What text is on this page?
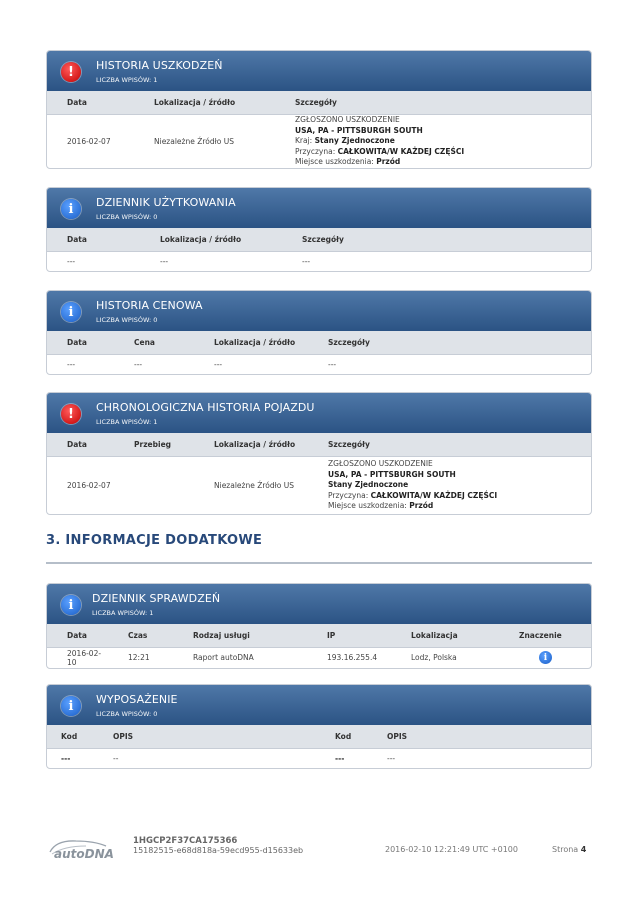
!	HISTORIA USZKODZEŃ
LICZBA WPISÓW: 1
Data	Lokalizacja / źródło	Szczegóły
2016-02-07	Niezależne Źródło US	ZGŁOSZONO USZKODZENIE
USA, PA - PITTSBURGH SOUTH
Kraj: Stany Zjednoczone
Przyczyna: CAŁKOWITA/W KAŻDEJ CZĘŚCI
Miejsce uszkodzenia: Przód
i	DZIENNIK UŻYTKOWANIA
LICZBA WPISÓW: 0
Data	Lokalizacja / źródło	Szczegóły
---	---	---
i	HISTORIA CENOWA
LICZBA WPISÓW: 0
Data	Cena	Lokalizacja / źródło	Szczegóły
---	---	---	---
!	CHRONOLOGICZNA HISTORIA POJAZDU
LICZBA WPISÓW: 1
Data	Przebieg	Lokalizacja / źródło	Szczegóły
2016-02-07		Niezależne Źródło US	ZGŁOSZONO USZKODZENIE
USA, PA - PITTSBURGH SOUTH
Stany Zjednoczone
Przyczyna: CAŁKOWITA/W KAŻDEJ CZĘŚCI
Miejsce uszkodzenia: Przód
3. INFORMACJE DODATKOWE
i	DZIENNIK SPRAWDZEŃ
LICZBA WPISÓW: 1
Data	Czas	Rodzaj usługi	IP	Lokalizacja	Znaczenie
2016-02-10	12:21	Raport autoDNA	193.16.255.4	Lodz, Polska	i
i	WYPOSAŻENIE
LICZBA WPISÓW: 0
Kod	OPIS	Kod	OPIS
---	--	---	---
autoDNA
1HGCP2F37CA175366
15182515-e68d818a-59ecd955-d15633eb	2016-02-10 12:21:49 UTC +0100	Strona 4
